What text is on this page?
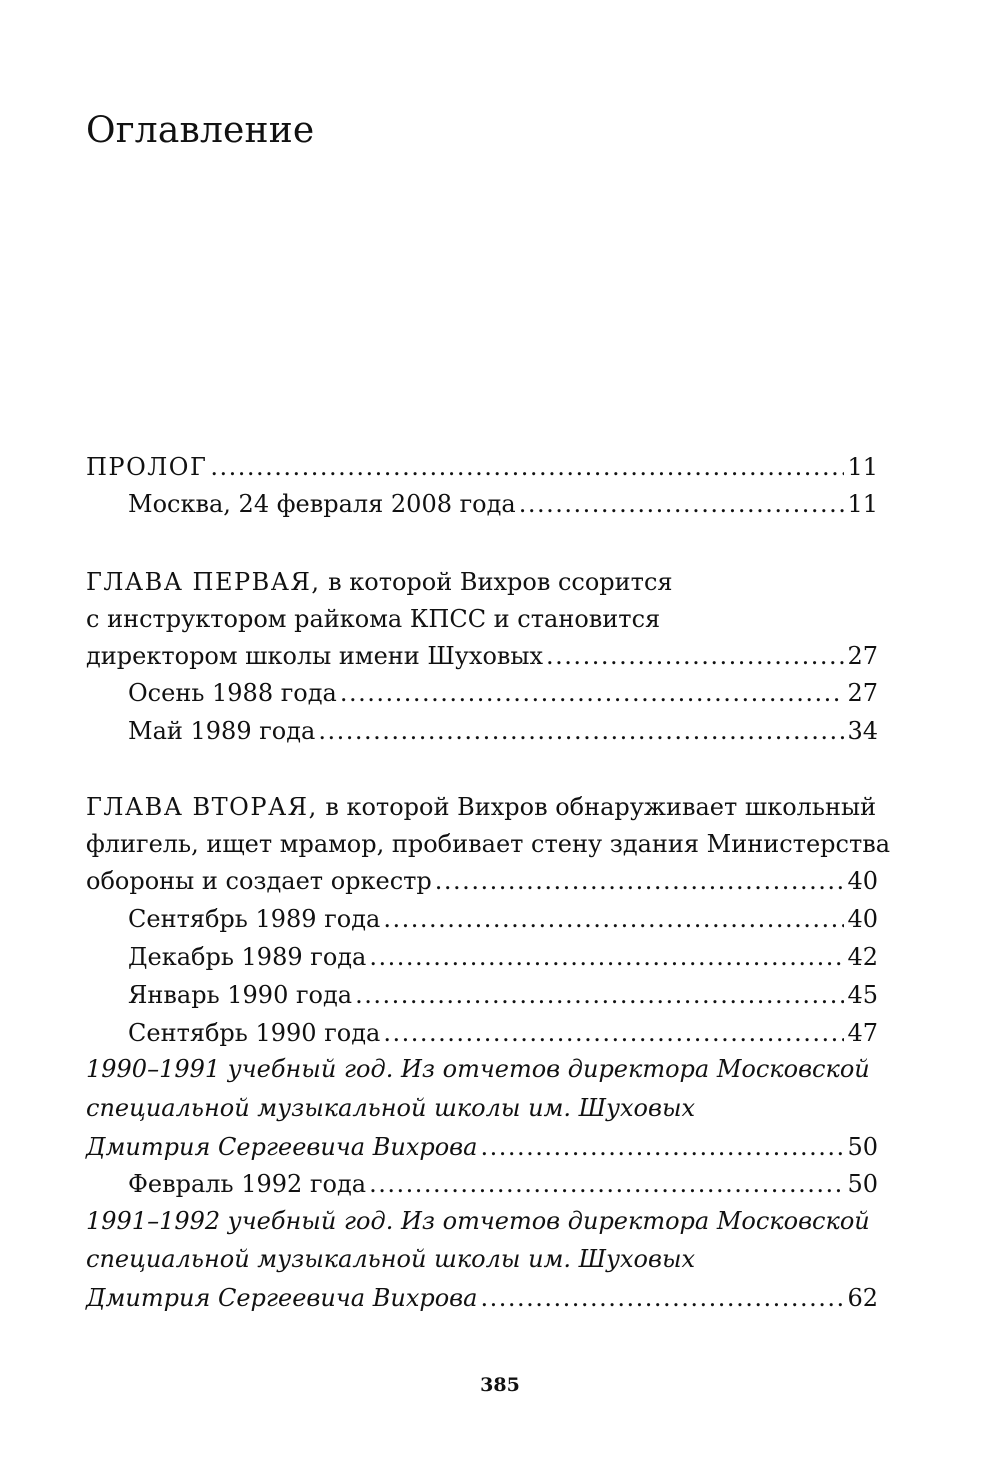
Оглавление
ПРОЛОГ .....	11
Москва, 24 февраля 2008 года .....	11
ГЛАВА ПЕРВАЯ, в которой Вихров ссорится
с инструктором райкома КПСС и становится
директором школы имени Шуховых .....	27
Осень 1988 года .....	27
Май 1989 года .....	34
ГЛАВА ВТОРАЯ, в которой Вихров обнаруживает школьный
флигель, ищет мрамор, пробивает стену здания Министерства
обороны и создает оркестр .....	40
Сентябрь 1989 года .....	40
Декабрь 1989 года .....	42
Январь 1990 года .....	45
Сентябрь 1990 года .....	47
1990–1991 учебный год. Из отчетов директора Московской
специальной музыкальной школы им. Шуховых
Дмитрия Сергеевича Вихрова .....	50
Февраль 1992 года .....	50
1991–1992 учебный год. Из отчетов директора Московской
специальной музыкальной школы им. Шуховых
Дмитрия Сергеевича Вихрова .....	62
385
